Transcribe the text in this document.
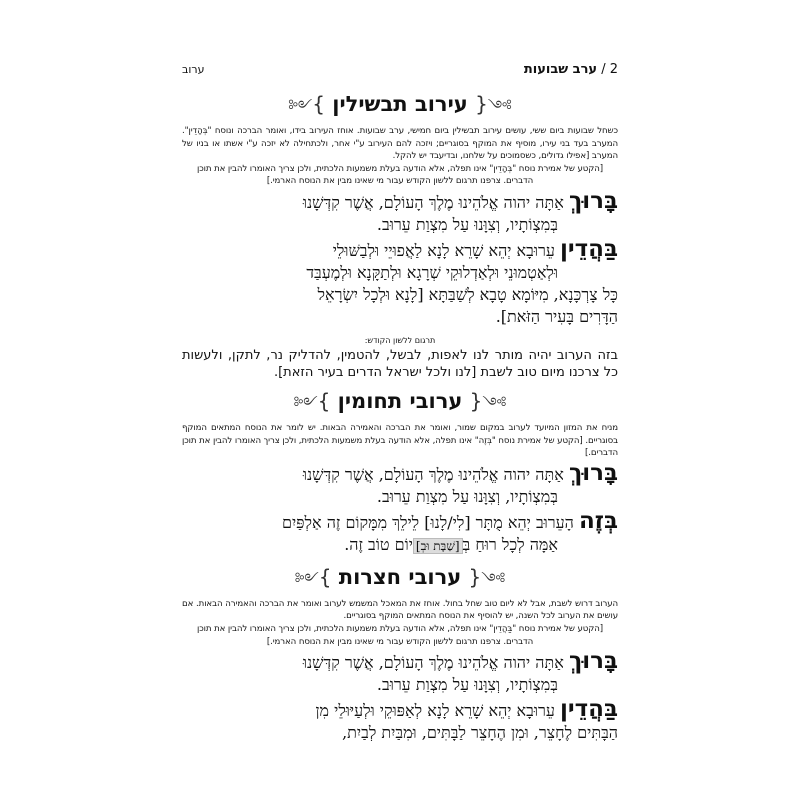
2 / ערב שבועות
ערוב
༻{ עירוב תבשילין }༺

כשחל שבועות ביום ששי, עושים עירוב תבשילין ביום חמישי, ערב שבועות. אוחז העירוב בידו, ואומר הברכה ונוסח "בְּהָדֵין". המערב בעד בני עירו, מוסיף את המוקף בסוגריים; ויזכה להם העירוב ע"י אחר, ולכתחילה לא יזכה ע"י אשתו או בניו של המערב [אפילו גדולים, כשסמוכים על שלחנו, ובדיעבד יש להקל.

[הקטע של אמירת נוסח "בְּהָדֵין" אינו תפלה, אלא הודעה בעלת משמעות הלכתית, ולכן צריך האומרו להבין את תוכן הדברים. צרפנו תרגום ללשון הקודש עבור מי שאינו מבין את הנוסח הארמי.]

בָּרוּךְ אַתָּה יהוה אֱלֹהֵינוּ מֶלֶךְ הָעוֹלָם, אֲשֶׁר קִדְּשָׁנוּ
בְּמִצְוֹתָיו, וְצִוָּנוּ עַל מִצְוַת עֵרוּב.
בַּהֲדֵין עֵרוּבָא יְהֵא שָׁרֵא לָנָא לַאֲפוּיֵי וּלְבַשּׁוּלֵי
וּלְאַטְמוּנֵי וּלְאַדְלוּקֵי שְׁרָגָא וּלְתַקָּנָא וּלְמֶעְבַּד
כָּל צָרְכָּנָא, מִיּוֹמָא טָבָא לְשַׁבַּתָּא [לָנָא וּלְכָל יִשְׂרָאֵל
הַדָּרִים בָּעִיר הַזֹּאת].
תרגום ללשון הקודש:

בזה הערוב יהיה מותר לנו לאפות, לבשל, להטמין, להדליק נר, לתקן, ולעשות כל צרכנו מיום טוב לשבת [לנו ולכל ישראל הדרים בעיר הזאת].

༻{ ערובי תחומין }༺

מניח את המזון המיועד לערוב במקום שמור, ואומר את הברכה והאמירה הבאות. יש לומר את הנוסח המתאים המוקף בסוגריים. [הקטע של אמירת נוסח "בְּזֶה" אינו תפלה, אלא הודעה בעלת משמעות הלכתית, ולכן צריך האומרו להבין את תוכן הדברים.]

בָּרוּךְ אַתָּה יהוה אֱלֹהֵינוּ מֶלֶךְ הָעוֹלָם, אֲשֶׁר קִדְּשָׁנוּ
בְּמִצְוֹתָיו, וְצִוָּנוּ עַל מִצְוַת עֵרוּב.
בְּזֶה הָעֵרוּב יְהֵא מֻתָּר [לִי/לָנוּ] לֵילֵךְ מִמָּקוֹם זֶה אַלְפַּיִם
אַמָּה לְכָל רוּחַ בְּ[שַׁבָּת וּבְ]יוֹם טוֹב זֶה.
༻{ ערובי חצרות }༺

הערוב דרוש לשבת, אבל לא ליום טוב שחל בחול. אוחז את המאכל המשמש לערוב ואומר את הברכה והאמירה הבאות. אם עושים את הערוב לכל השנה, יש להוסיף את הנוסח המתאים המוקף בסוגריים.

[הקטע של אמירת נוסח "בַּהֲדֵין" אינו תפלה, אלא הודעה בעלת משמעות הלכתית, ולכן צריך האומרו להבין את תוכן הדברים. צרפנו תרגום ללשון הקודש עבור מי שאינו מבין את הנוסח הארמי.]

בָּרוּךְ אַתָּה יהוה אֱלֹהֵינוּ מֶלֶךְ הָעוֹלָם, אֲשֶׁר קִדְּשָׁנוּ
בְּמִצְוֹתָיו, וְצִוָּנוּ עַל מִצְוַת עֵרוּב.
בַּהֲדֵין עֵרוּבָא יְהֵא שָׁרֵא לָנָא לְאַפּוּקֵי וּלְעַיּוּלֵי מִן
הַבָּתִּים לֶחָצֵר, וּמִן הֶחָצֵר לַבָּתִּים, וּמִבַּיִת לְבַיִת,
